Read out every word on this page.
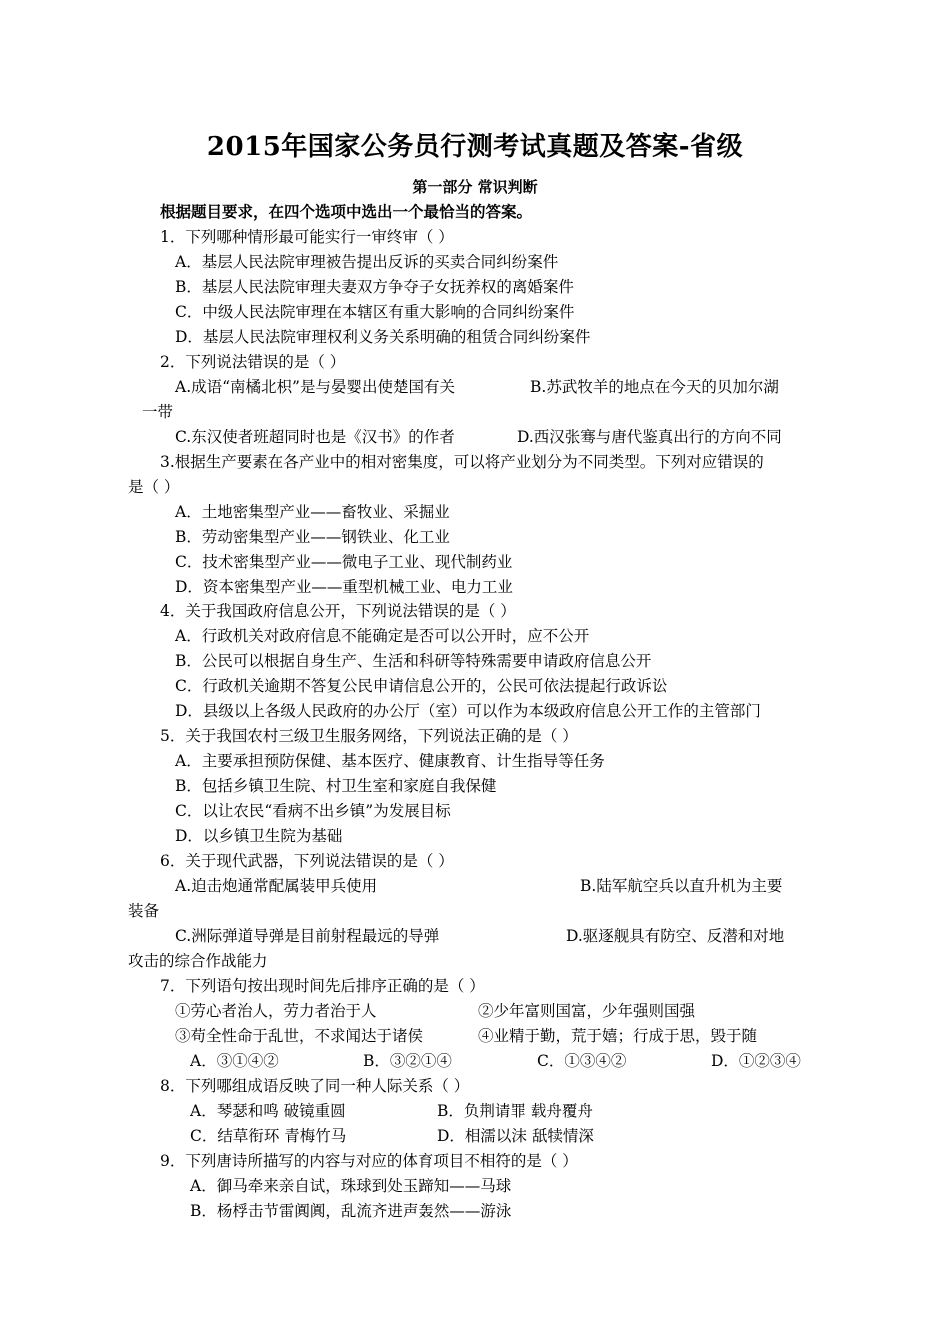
2015年国家公务员行测考试真题及答案-省级
第一部分 常识判断
根据题目要求，在四个选项中选出一个最恰当的答案。
1．下列哪种情形最可能实行一审终审（ ）
A．基层人民法院审理被告提出反诉的买卖合同纠纷案件
B．基层人民法院审理夫妻双方争夺子女抚养权的离婚案件
C．中级人民法院审理在本辖区有重大影响的合同纠纷案件
D．基层人民法院审理权利义务关系明确的租赁合同纠纷案件
2．下列说法错误的是（ ）
A.成语“南橘北枳”是与晏婴出使楚国有关	B.苏武牧羊的地点在今天的贝加尔湖
一带
C.东汉使者班超同时也是《汉书》的作者	D.西汉张骞与唐代鉴真出行的方向不同
3.根据生产要素在各产业中的相对密集度，可以将产业划分为不同类型。下列对应错误的
是（ ）
A．土地密集型产业——畜牧业、采掘业
B．劳动密集型产业——钢铁业、化工业
C．技术密集型产业——微电子工业、现代制药业
D．资本密集型产业——重型机械工业、电力工业
4．关于我国政府信息公开，下列说法错误的是（ ）
A．行政机关对政府信息不能确定是否可以公开时，应不公开
B．公民可以根据自身生产、生活和科研等特殊需要申请政府信息公开
C．行政机关逾期不答复公民申请信息公开的，公民可依法提起行政诉讼
D．县级以上各级人民政府的办公厅（室）可以作为本级政府信息公开工作的主管部门
5．关于我国农村三级卫生服务网络，下列说法正确的是（ ）
A．主要承担预防保健、基本医疗、健康教育、计生指导等任务
B．包括乡镇卫生院、村卫生室和家庭自我保健
C．以让农民“看病不出乡镇”为发展目标
D．以乡镇卫生院为基础
6．关于现代武器，下列说法错误的是（ ）
A.迫击炮通常配属装甲兵使用	B.陆军航空兵以直升机为主要
装备
C.洲际弹道导弹是目前射程最远的导弹	D.驱逐舰具有防空、反潜和对地
攻击的综合作战能力
7．下列语句按出现时间先后排序正确的是（ ）
①劳心者治人，劳力者治于人	②少年富则国富，少年强则国强
③苟全性命于乱世，不求闻达于诸侯	④业精于勤，荒于嬉；行成于思，毁于随
A．③①④②	B．③②①④	C．①③④②	D．①②③④
8．下列哪组成语反映了同一种人际关系（ ）
A．琴瑟和鸣 破镜重圆	B．负荆请罪 载舟覆舟
C．结草衔环 青梅竹马	D．相濡以沫 舐犊情深
9．下列唐诗所描写的内容与对应的体育项目不相符的是（ ）
A．御马牵来亲自试，珠球到处玉蹄知——马球
B．杨桴击节雷阗阗，乱流齐进声轰然——游泳
